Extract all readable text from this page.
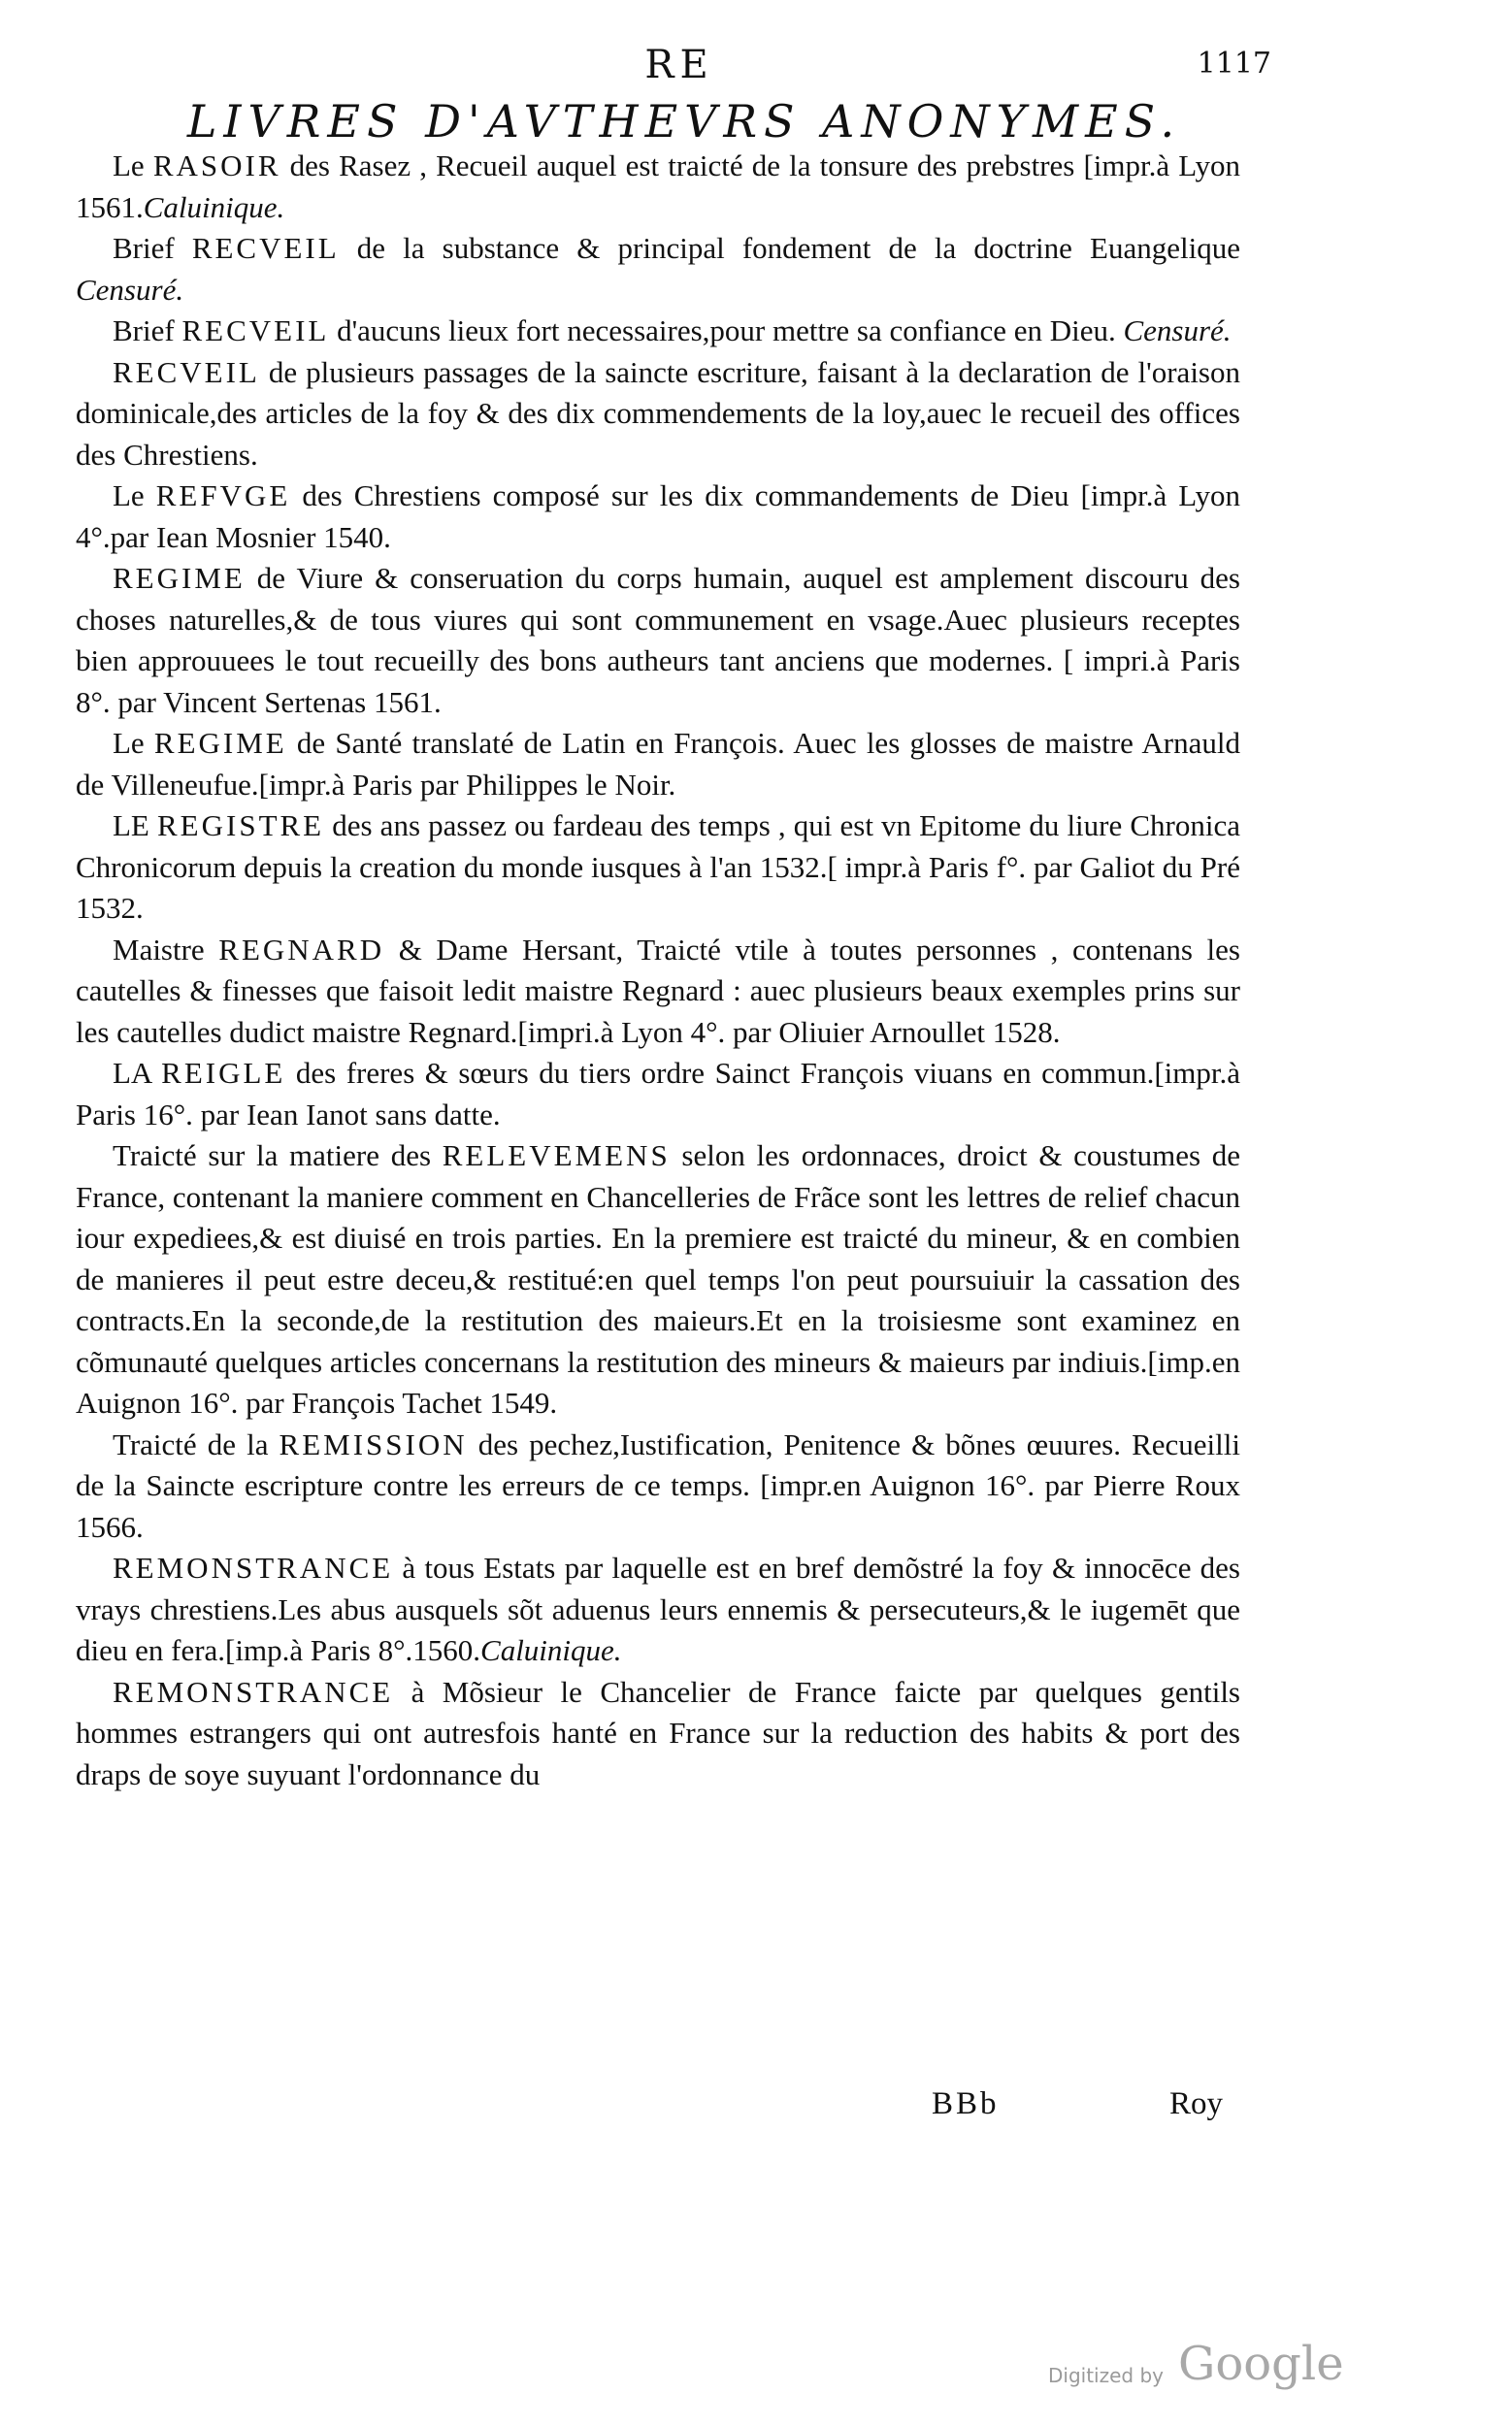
RE	1117
LIVRES D'AVTHEVRS ANONYMES.

Le RASOIR des Rasez , Recueil auquel est traicté de la tonsure des prebstres [impr.à Lyon 1561.Caluinique.

Brief RECVEIL de la substance & principal fondement de la doctrine Euangelique Censuré.

Brief RECVEIL d'aucuns lieux fort necessaires,pour mettre sa confiance en Dieu. Censuré.

RECVEIL de plusieurs passages de la saincte escriture, faisant à la declaration de l'oraison dominicale,des articles de la foy & des dix commendements de la loy,auec le recueil des offices des Chrestiens.

Le REFVGE des Chrestiens composé sur les dix commandements de Dieu [impr.à Lyon 4°.par Iean Mosnier 1540.

REGIME de Viure & conseruation du corps humain, auquel est amplement discouru des choses naturelles,& de tous viures qui sont communement en vsage.Auec plusieurs receptes bien approuuees le tout recueilly des bons autheurs tant anciens que modernes. [ impri.à Paris 8°. par Vincent Sertenas 1561.

Le REGIME de Santé translaté de Latin en François. Auec les glosses de maistre Arnauld de Villeneufue.[impr.à Paris par Philippes le Noir.

LE REGISTRE des ans passez ou fardeau des temps , qui est vn Epitome du liure Chronica Chronicorum depuis la creation du monde iusques à l'an 1532.[ impr.à Paris f°. par Galiot du Pré 1532.

Maistre REGNARD & Dame Hersant, Traicté vtile à toutes personnes , contenans les cautelles & finesses que faisoit ledit maistre Regnard : auec plusieurs beaux exemples prins sur les cautelles dudict maistre Regnard.[impri.à Lyon 4°. par Oliuier Arnoullet 1528.

LA REIGLE des freres & sœurs du tiers ordre Sainct François viuans en commun.[impr.à Paris 16°. par Iean Ianot sans datte.

Traicté sur la matiere des RELEVEMENS selon les ordonnaces, droict & coustumes de France, contenant la maniere comment en Chancelleries de Frãce sont les lettres de relief chacun iour expediees,& est diuisé en trois parties. En la premiere est traicté du mineur, & en combien de manieres il peut estre deceu,& restitué:en quel temps l'on peut poursuiuir la cassation des contracts.En la seconde,de la restitution des maieurs.Et en la troisiesme sont examinez en cõmunauté quelques articles concernans la restitution des mineurs & maieurs par indiuis.[imp.en Auignon 16°. par François Tachet 1549.

Traicté de la REMISSION des pechez,Iustification, Penitence & bõnes œuures. Recueilli de la Saincte escripture contre les erreurs de ce temps. [impr.en Auignon 16°. par Pierre Roux 1566.

REMONSTRANCE à tous Estats par laquelle est en bref demõstré la foy & innocēce des vrays chrestiens.Les abus ausquels sõt aduenus leurs ennemis & persecuteurs,& le iugemēt que dieu en fera.[imp.à Paris 8°.1560.Caluinique.

REMONSTRANCE à Mõsieur le Chancelier de France faicte par quelques gentils hommes estrangers qui ont autresfois hanté en France sur la reduction des habits & port des draps de soye suyuant l'ordonnance du

BBb	Roy
Digitized by Google
